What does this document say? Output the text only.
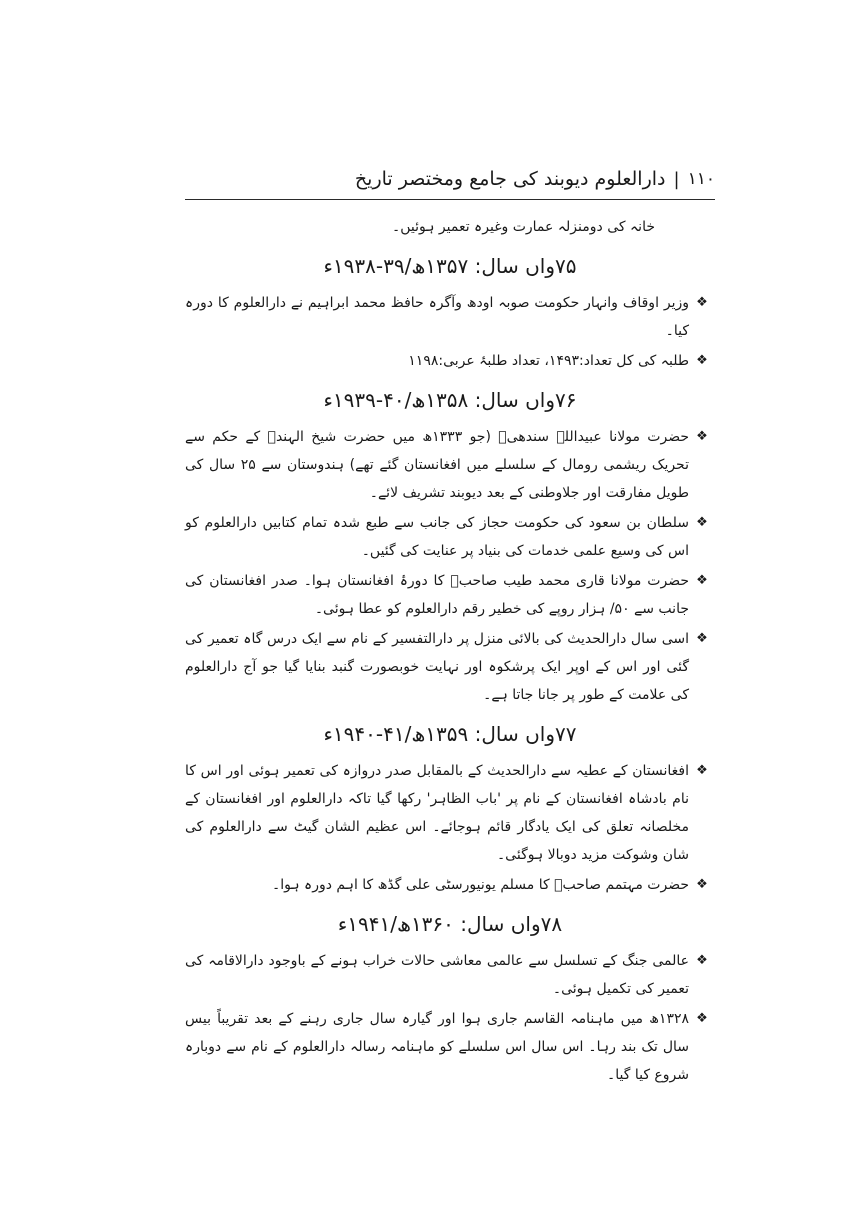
۱۱۰
|
دارالعلوم دیوبند کی جامع ومختصر تاریخ
خانہ کی دومنزلہ عمارت وغیرہ تعمیر ہوئیں۔
۷۵واں سال: ۱۳۵۷ھ/۳۹-۱۹۳۸ء
❖
وزیر اوقاف وانہار حکومت صوبہ اودھ وآگرہ حافظ محمد ابراہیم نے دارالعلوم کا دورہ کیا۔
❖
طلبہ کی کل تعداد:۱۴۹۳، تعداد طلبۂ عربی:۱۱۹۸
۷۶واں سال: ۱۳۵۸ھ/۴۰-۱۹۳۹ء
❖
حضرت مولانا عبیداللہ سندھیؒ (جو ۱۳۳۳ھ میں حضرت شیخ الہندؒ کے حکم سے تحریک ریشمی رومال کے سلسلے میں افغانستان گئے تھے) ہندوستان سے ۲۵ سال کی طویل مفارقت اور جلاوطنی کے بعد دیوبند تشریف لائے۔
❖
سلطان بن سعود کی حکومت حجاز کی جانب سے طبع شدہ تمام کتابیں دارالعلوم کو اس کی وسیع علمی خدمات کی بنیاد پر عنایت کی گئیں۔
❖
حضرت مولانا قاری محمد طیب صاحبؒ کا دورۂ افغانستان ہوا۔ صدر افغانستان کی جانب سے ۵۰/ ہزار روپے کی خطیر رقم دارالعلوم کو عطا ہوئی۔
❖
اسی سال دارالحدیث کی بالائی منزل پر دارالتفسیر کے نام سے ایک درس گاہ تعمیر کی گئی اور اس کے اوپر ایک پرشکوہ اور نہایت خوبصورت گنبد بنایا گیا جو آج دارالعلوم کی علامت کے طور پر جانا جاتا ہے۔
۷۷واں سال: ۱۳۵۹ھ/۴۱-۱۹۴۰ء
❖
افغانستان کے عطیہ سے دارالحدیث کے بالمقابل صدر دروازہ کی تعمیر ہوئی اور اس کا نام بادشاہ افغانستان کے نام پر 'باب الظاہر' رکھا گیا تاکہ دارالعلوم اور افغانستان کے مخلصانہ تعلق کی ایک یادگار قائم ہوجائے۔ اس عظیم الشان گیٹ سے دارالعلوم کی شان وشوکت مزید دوبالا ہوگئی۔
❖
حضرت مہتمم صاحبؒ کا مسلم یونیورسٹی علی گڈھ کا اہم دورہ ہوا۔
۷۸واں سال: ۱۳۶۰ھ/۱۹۴۱ء
❖
عالمی جنگ کے تسلسل سے عالمی معاشی حالات خراب ہونے کے باوجود دارالاقامہ کی تعمیر کی تکمیل ہوئی۔
❖
۱۳۲۸ھ میں ماہنامہ القاسم جاری ہوا اور گیارہ سال جاری رہنے کے بعد تقریباً بیس سال تک بند رہا۔ اس سال اس سلسلے کو ماہنامہ رسالہ دارالعلوم کے نام سے دوبارہ شروع کیا گیا۔
